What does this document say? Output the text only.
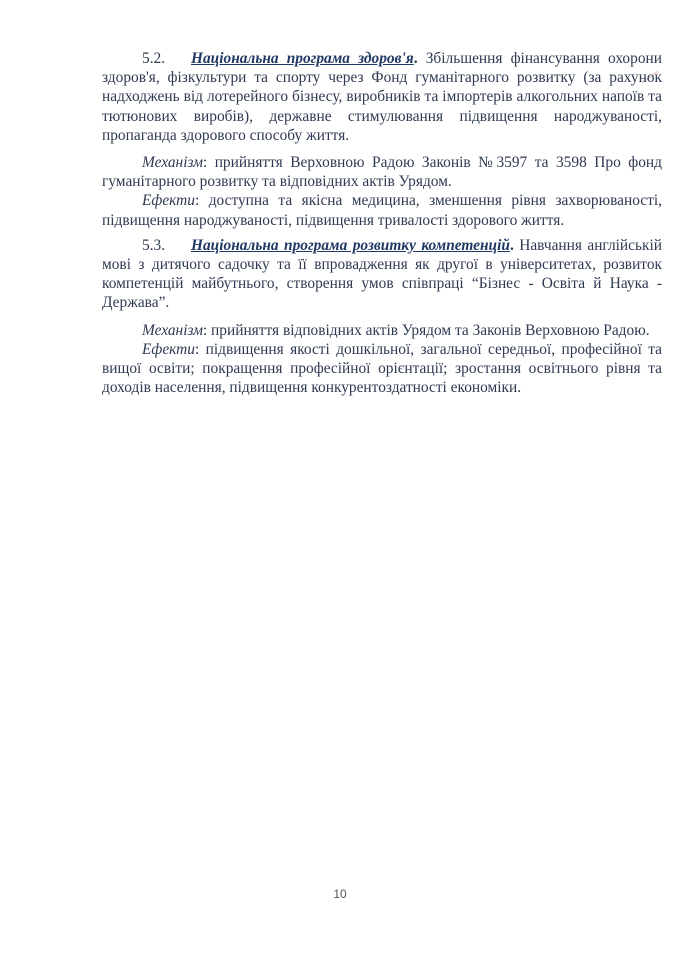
5.2. Національна програма здоров'я. Збільшення фінансування охорони здоров'я, фізкультури та спорту через Фонд гуманітарного розвитку (за рахунок надходжень від лотерейного бізнесу, виробників та імпортерів алкогольних напоїв та тютюнових виробів), державне стимулювання підвищення народжуваності, пропаганда здорового способу життя.

Механізм: прийняття Верховною Радою Законів №3597 та 3598 Про фонд гуманітарного розвитку та відповідних актів Урядом.

Ефекти: доступна та якісна медицина, зменшення рівня захворюваності, підвищення народжуваності, підвищення тривалості здорового життя.

5.3. Національна програма розвитку компетенцій. Навчання англійській мові з дитячого садочку та її впровадження як другої в університетах, розвиток компетенцій майбутнього, створення умов співпраці “Бізнес - Освіта й Наука - Держава”.

Механізм: прийняття відповідних актів Урядом та Законів Верховною Радою.

Ефекти: підвищення якості дошкільної, загальної середньої, професійної та вищої освіти; покращення професійної орієнтації; зростання освітнього рівня та доходів населення, підвищення конкурентоздатності економіки.

10
